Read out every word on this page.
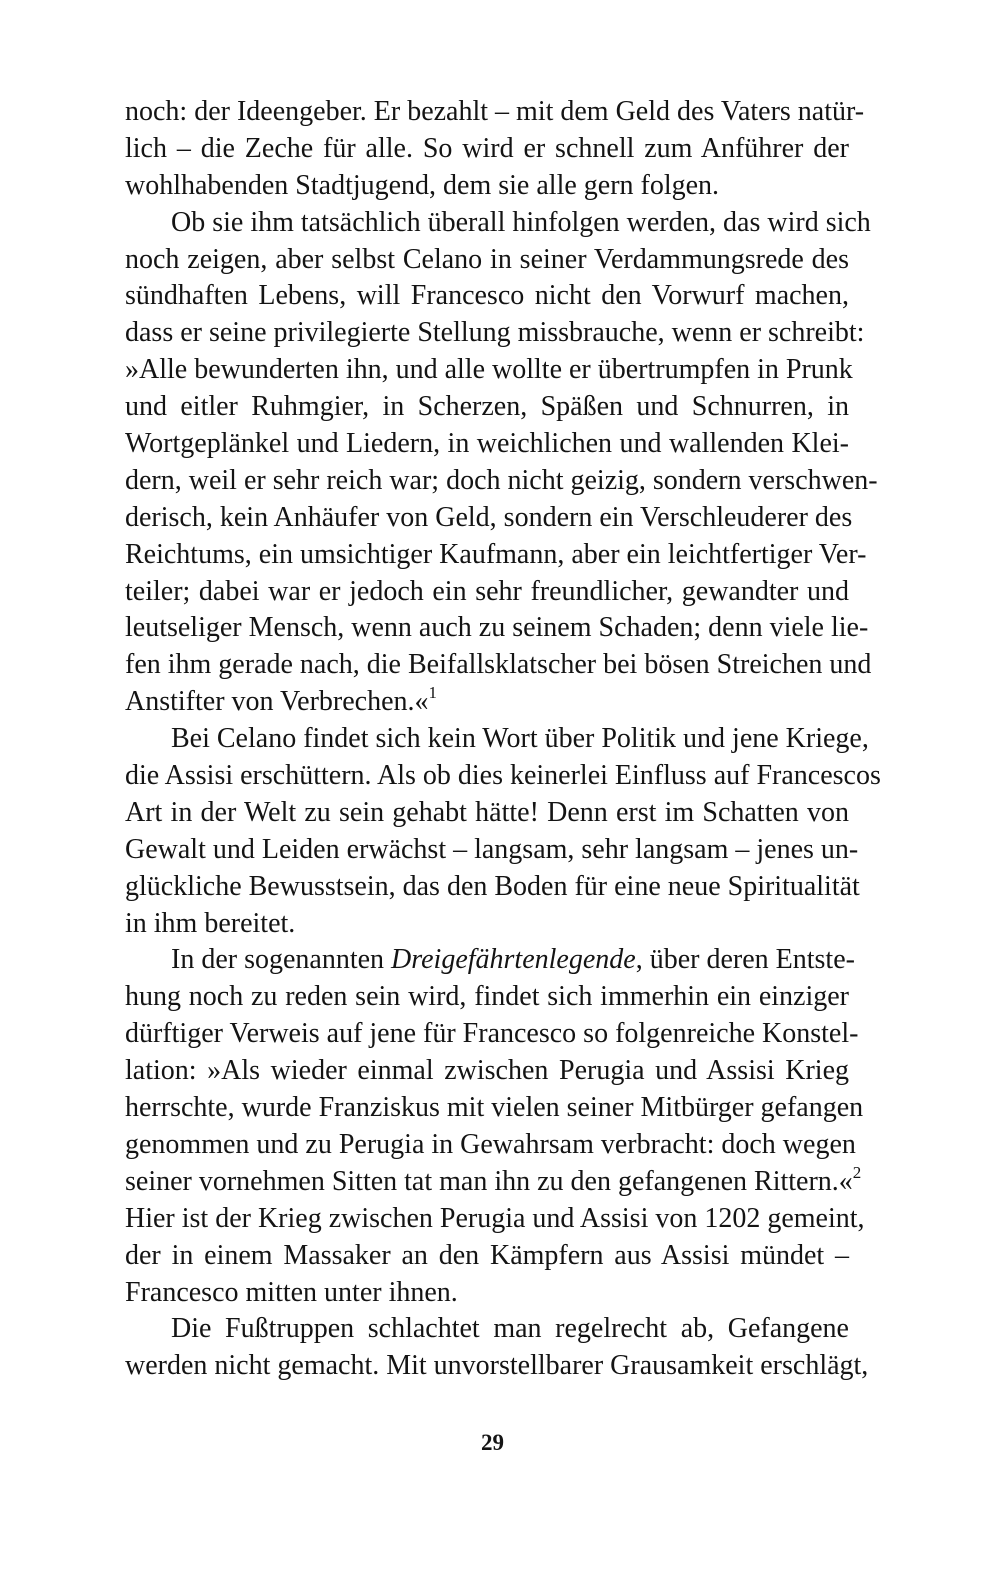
noch: der Ideengeber. Er bezahlt – mit dem Geld des Vaters natür-
lich – die Zeche für alle. So wird er schnell zum Anführer der
wohlhabenden Stadtjugend, dem sie alle gern folgen.
Ob sie ihm tatsächlich überall hinfolgen werden, das wird sich
noch zeigen, aber selbst Celano in seiner Verdammungsrede des
sündhaften Lebens, will Francesco nicht den Vorwurf machen,
dass er seine privilegierte Stellung missbrauche, wenn er schreibt:
»Alle bewunderten ihn, und alle wollte er übertrumpfen in Prunk
und eitler Ruhmgier, in Scherzen, Späßen und Schnurren, in
Wortgeplänkel und Liedern, in weichlichen und wallenden Klei-
dern, weil er sehr reich war; doch nicht geizig, sondern verschwen-
derisch, kein Anhäufer von Geld, sondern ein Verschleuderer des
Reichtums, ein umsichtiger Kaufmann, aber ein leichtfertiger Ver-
teiler; dabei war er jedoch ein sehr freundlicher, gewandter und
leutseliger Mensch, wenn auch zu seinem Schaden; denn viele lie-
fen ihm gerade nach, die Beifallsklatscher bei bösen Streichen und
Anstifter von Verbrechen.«$^1$
Bei Celano findet sich kein Wort über Politik und jene Kriege,
die Assisi erschüttern. Als ob dies keinerlei Einfluss auf Francescos
Art in der Welt zu sein gehabt hätte! Denn erst im Schatten von
Gewalt und Leiden erwächst – langsam, sehr langsam – jenes un-
glückliche Bewusstsein, das den Boden für eine neue Spiritualität
in ihm bereitet.
In der sogenannten Dreigefährtenlegende, über deren Entste-
hung noch zu reden sein wird, findet sich immerhin ein einziger
dürftiger Verweis auf jene für Francesco so folgenreiche Konstel-
lation: »Als wieder einmal zwischen Perugia und Assisi Krieg
herrschte, wurde Franziskus mit vielen seiner Mitbürger gefangen
genommen und zu Perugia in Gewahrsam verbracht: doch wegen
seiner vornehmen Sitten tat man ihn zu den gefangenen Rittern.«$^2$
Hier ist der Krieg zwischen Perugia und Assisi von 1202 gemeint,
der in einem Massaker an den Kämpfern aus Assisi mündet –
Francesco mitten unter ihnen.
Die Fußtruppen schlachtet man regelrecht ab, Gefangene
werden nicht gemacht. Mit unvorstellbarer Grausamkeit erschlägt,
29
